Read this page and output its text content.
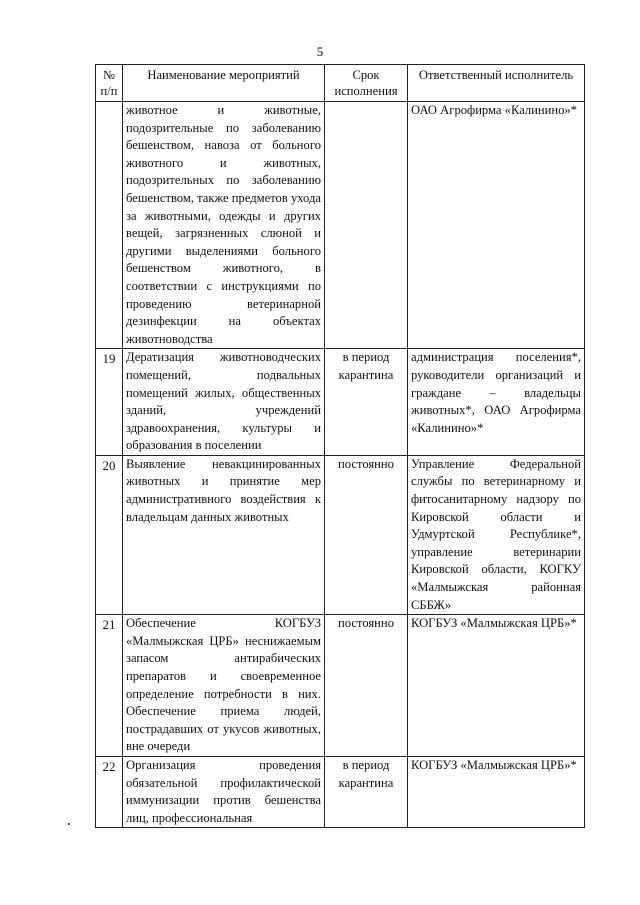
5
№ п/п	Наименование мероприятий	Срок исполнения	Ответственный исполнитель
	животное и животные, подозрительные по заболеванию бешенством, навоза от больного животного и животных, подозрительных по заболеванию бешенством, также предметов ухода за животными, одежды и других вещей, загрязненных слюной и другими выделениями больного бешенством животного, в соответствии с инструкциями по проведению ветеринарной дезинфекции на объектах животноводства		ОАО Агрофирма «Калинино»*
19	Дератизация животноводческих помещений, подвальных помещений жилых, общественных зданий, учреждений здравоохранения, культуры и образования в поселении	в период карантина	администрация поселения*, руководители организаций и граждане – владельцы животных*, ОАО Агрофирма «Калинино»*
20	Выявление невакцинированных животных и принятие мер административного воздействия к владельцам данных животных	постоянно	Управление Федеральной службы по ветеринарному и фитосанитарному надзору по Кировской области и Удмуртской Республике*, управление ветеринарии Кировской области, КОГКУ «Малмыжская районная СББЖ»
21	Обеспечение КОГБУЗ «Малмыжская ЦРБ» неснижаемым запасом антирабических препаратов и своевременное определение потребности в них. Обеспечение приема людей, пострадавших от укусов животных, вне очереди	постоянно	КОГБУЗ «Малмыжская ЦРБ»*
22	Организация проведения обязательной профилактической иммунизации против бешенства лиц, профессиональная	в период карантина	КОГБУЗ «Малмыжская ЦРБ»*
